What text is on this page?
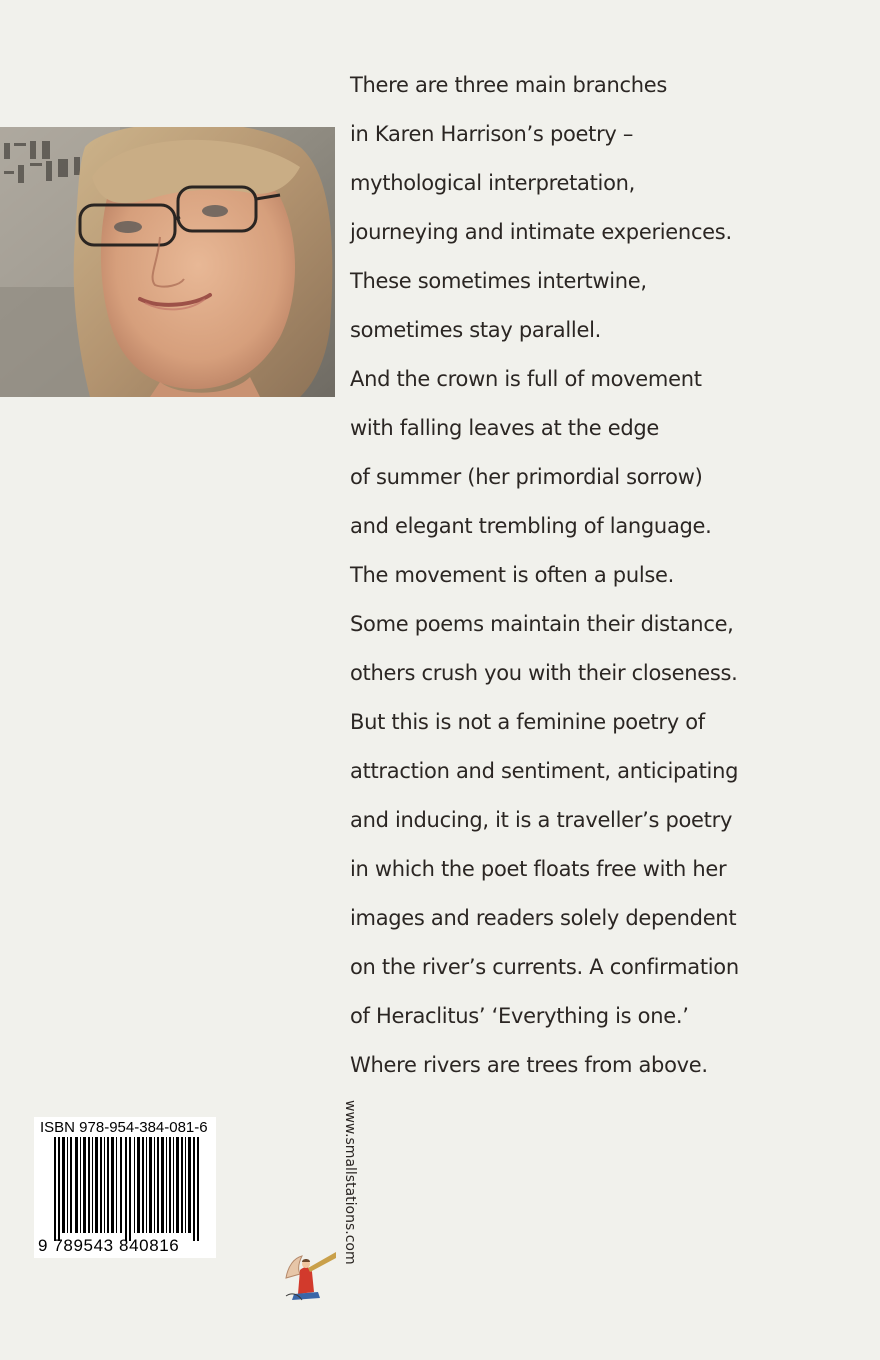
There are three main branches
in Karen Harrison’s poetry –
mythological interpretation,
journeying and intimate experiences.
These sometimes intertwine,
sometimes stay parallel.
And the crown is full of movement
with falling leaves at the edge
of summer (her primordial sorrow)
and elegant trembling of language.
The movement is often a pulse.
Some poems maintain their distance,
others crush you with their closeness.
But this is not a feminine poetry of
attraction and sentiment, anticipating
and inducing, it is a traveller’s poetry
in which the poet floats free with her
images and readers solely dependent
on the river’s currents. A confirmation
of Heraclitus’ ‘Everything is one.’
Where rivers are trees from above.
www.smallstations.com
ISBN 978-954-384-081-6
9 789543 840816
